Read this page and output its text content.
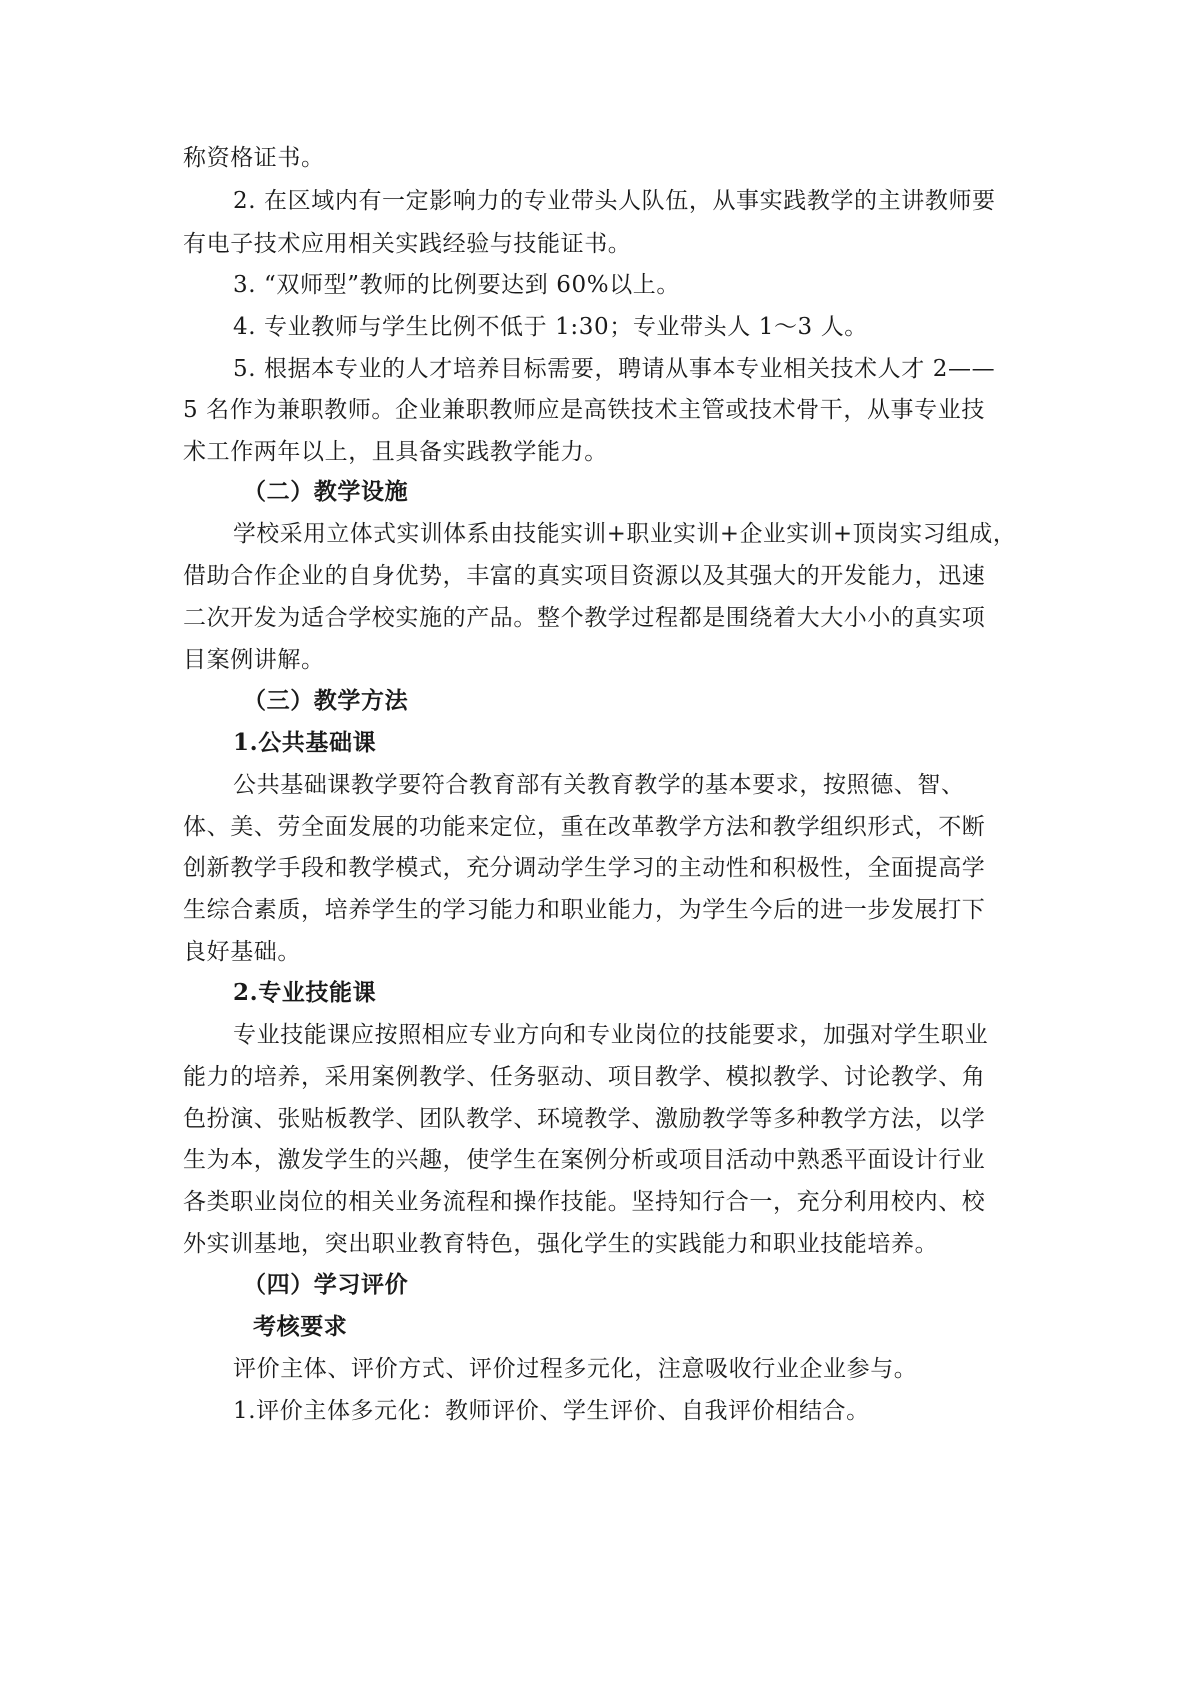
称资格证书。
2. 在区域内有一定影响力的专业带头人队伍，从事实践教学的主讲教师要
有电子技术应用相关实践经验与技能证书。
3. “双师型”教师的比例要达到 60%以上。
4. 专业教师与学生比例不低于 1:30；专业带头人 1～3 人。
5. 根据本专业的人才培养目标需要，聘请从事本专业相关技术人才 2——
5 名作为兼职教师。企业兼职教师应是高铁技术主管或技术骨干，从事专业技
术工作两年以上，且具备实践教学能力。
（二）教学设施
学校采用立体式实训体系由技能实训+职业实训+企业实训+顶岗实习组成，
借助合作企业的自身优势，丰富的真实项目资源以及其强大的开发能力，迅速
二次开发为适合学校实施的产品。整个教学过程都是围绕着大大小小的真实项
目案例讲解。
（三）教学方法
1.公共基础课
公共基础课教学要符合教育部有关教育教学的基本要求，按照德、智、
体、美、劳全面发展的功能来定位，重在改革教学方法和教学组织形式，不断
创新教学手段和教学模式，充分调动学生学习的主动性和积极性，全面提高学
生综合素质，培养学生的学习能力和职业能力，为学生今后的进一步发展打下
良好基础。
2.专业技能课
专业技能课应按照相应专业方向和专业岗位的技能要求，加强对学生职业
能力的培养，采用案例教学、任务驱动、项目教学、模拟教学、讨论教学、角
色扮演、张贴板教学、团队教学、环境教学、激励教学等多种教学方法，以学
生为本，激发学生的兴趣，使学生在案例分析或项目活动中熟悉平面设计行业
各类职业岗位的相关业务流程和操作技能。坚持知行合一，充分利用校内、校
外实训基地，突出职业教育特色，强化学生的实践能力和职业技能培养。
（四）学习评价
考核要求
评价主体、评价方式、评价过程多元化，注意吸收行业企业参与。
1.评价主体多元化：教师评价、学生评价、自我评价相结合。
